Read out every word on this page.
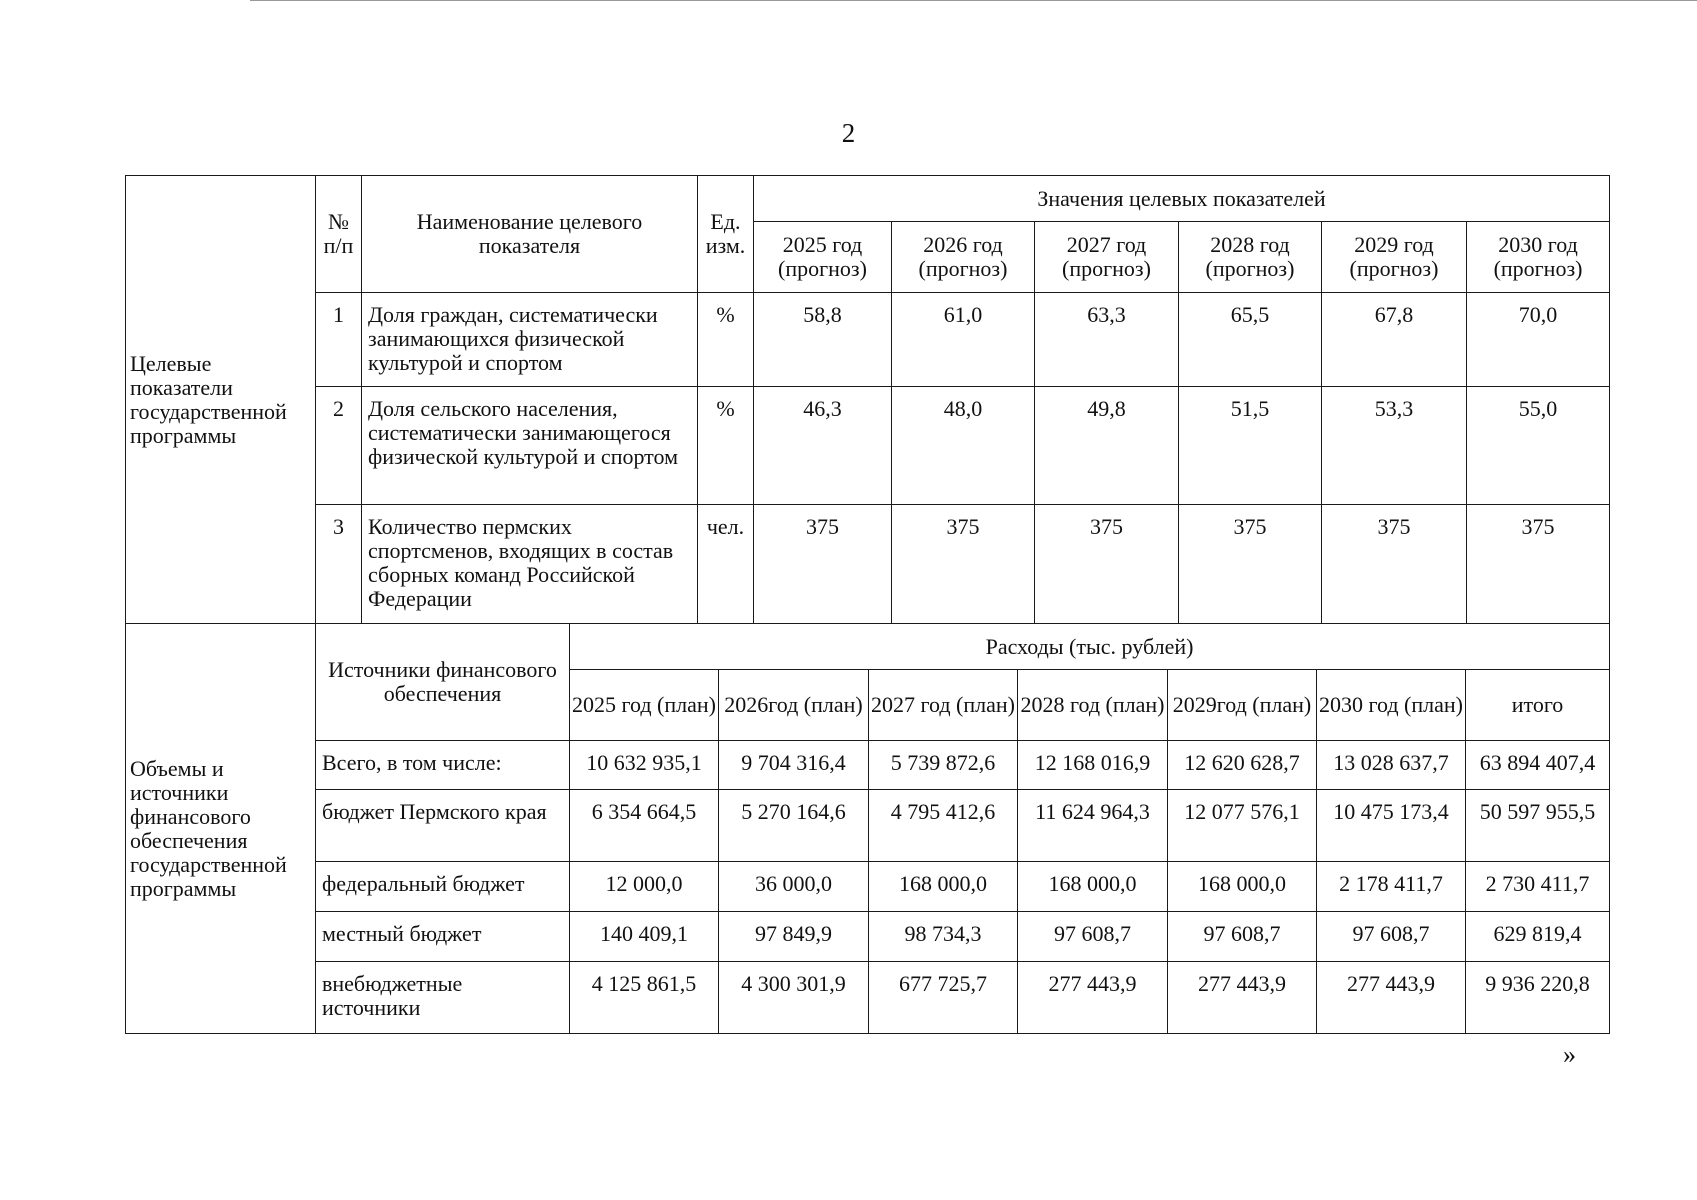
2
Целевые показатели государственной программы	№ п/п	Наименование целевого показателя	Ед. изм.	Значения целевых показателей					
				2025 год (прогноз)	2026 год (прогноз)	2027 год (прогноз)	2028 год (прогноз)	2029 год (прогноз)	2030 год (прогноз)
	1	Доля граждан, систематически занимающихся физической культурой и спортом	%	58,8	61,0	63,3	65,5	67,8	70,0
	2	Доля сельского населения, систематически занимающегося физической культурой и спортом	%	46,3	48,0	49,8	51,5	53,3	55,0
	3	Количество пермских спортсменов, входящих в состав сборных команд Российской Федерации	чел.	375	375	375	375	375	375
Объемы и источники финансового обеспечения государственной программы	Источники финансового обеспечения	Расходы (тыс. рублей)						
		2025 год (план)	2026год (план)	2027 год (план)	2028 год (план)	2029год (план)	2030 год (план)	итого
	Всего, в том числе:	10 632 935,1	9 704 316,4	5 739 872,6	12 168 016,9	12 620 628,7	13 028 637,7	63 894 407,4
	бюджет Пермского края	6 354 664,5	5 270 164,6	4 795 412,6	11 624 964,3	12 077 576,1	10 475 173,4	50 597 955,5
	федеральный бюджет	12 000,0	36 000,0	168 000,0	168 000,0	168 000,0	2 178 411,7	2 730 411,7
	местный бюджет	140 409,1	97 849,9	98 734,3	97 608,7	97 608,7	97 608,7	629 819,4
	внебюджетные источники	4 125 861,5	4 300 301,9	677 725,7	277 443,9	277 443,9	277 443,9	9 936 220,8
»
